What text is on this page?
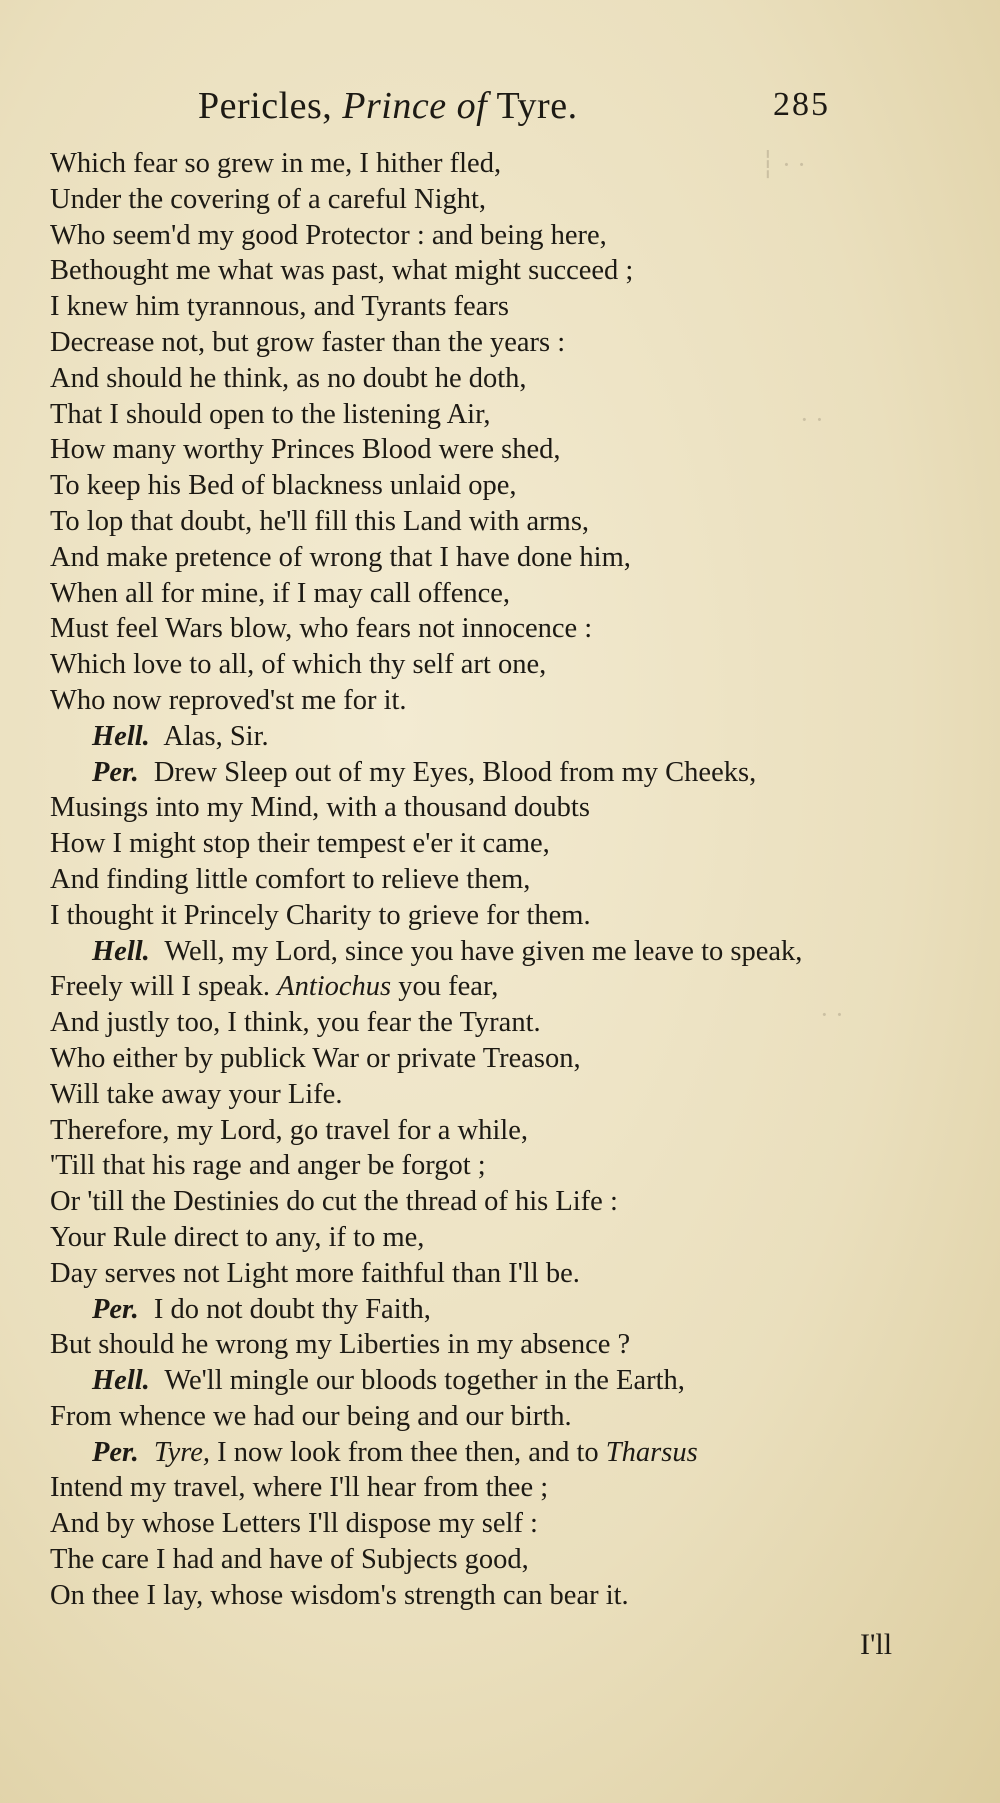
Pericles, Prince of Tyre.	285
Which fear so grew in me, I hither fled,
Under the covering of a careful Night,
Who seem'd my good Protector : and being here,
Bethought me what was past, what might succeed ;
I knew him tyrannous, and Tyrants fears
Decrease not, but grow faster than the years :
And should he think, as no doubt he doth,
That I should open to the listening Air,
How many worthy Princes Blood were shed,
To keep his Bed of blackness unlaid ope,
To lop that doubt, he'll fill this Land with arms,
And make pretence of wrong that I have done him,
When all for mine, if I may call offence,
Must feel Wars blow, who fears not innocence :
Which love to all, of which thy self art one,
Who now reproved'st me for it.
Hell. Alas, Sir.
Per. Drew Sleep out of my Eyes, Blood from my Cheeks,
Musings into my Mind, with a thousand doubts
How I might stop their tempest e'er it came,
And finding little comfort to relieve them,
I thought it Princely Charity to grieve for them.
Hell. Well, my Lord, since you have given me leave to speak,
Freely will I speak. Antiochus you fear,
And justly too, I think, you fear the Tyrant.
Who either by publick War or private Treason,
Will take away your Life.
Therefore, my Lord, go travel for a while,
'Till that his rage and anger be forgot ;
Or 'till the Destinies do cut the thread of his Life :
Your Rule direct to any, if to me,
Day serves not Light more faithful than I'll be.
Per. I do not doubt thy Faith,
But should he wrong my Liberties in my absence ?
Hell. We'll mingle our bloods together in the Earth,
From whence we had our being and our birth.
Per. Tyre, I now look from thee then, and to Tharsus
Intend my travel, where I'll hear from thee ;
And by whose Letters I'll dispose my self :
The care I had and have of Subjects good,
On thee I lay, whose wisdom's strength can bear it.
I'll
┆ · ·
· ·
· ·
